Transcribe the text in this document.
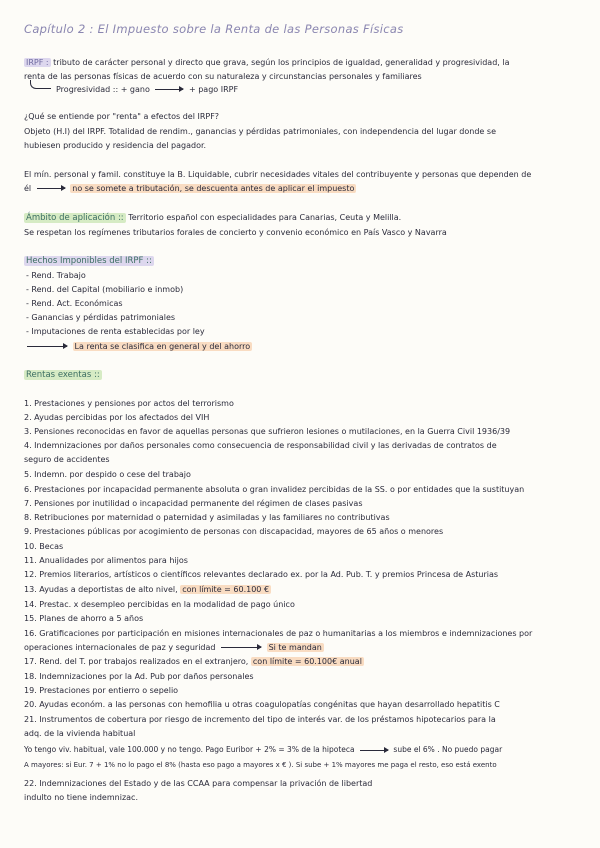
Capítulo 2 : El Impuesto sobre la Renta de las Personas Físicas
IRPF : tributo de carácter personal y directo que grava, según los principios de igualdad, generalidad y progresividad, la
renta de las personas físicas de acuerdo con su naturaleza y circunstancias personales y familiares
Progresividad :: + gano	+ pago IRPF
¿Qué se entiende por "renta" a efectos del IRPF?
Objeto (H.I) del IRPF. Totalidad de rendim., ganancias y pérdidas patrimoniales, con independencia del lugar donde se
hubiesen producido y residencia del pagador.
El mín. personal y famil. constituye la B. Liquidable, cubrir necesidades vitales del contribuyente y personas que dependen de
él	no se somete a tributación, se descuenta antes de aplicar el impuesto
Ámbito de aplicación :: Territorio español con especialidades para Canarias, Ceuta y Melilla.
Se respetan los regímenes tributarios forales de concierto y convenio económico en País Vasco y Navarra
Hechos Imponibles del IRPF ::
- Rend. Trabajo
- Rend. del Capital (mobiliario e inmob)
- Rend. Act. Económicas
- Ganancias y pérdidas patrimoniales
- Imputaciones de renta establecidas por ley
La renta se clasifica en general y del ahorro
Rentas exentas ::
1. Prestaciones y pensiones por actos del terrorismo
2. Ayudas percibidas por los afectados del VIH
3. Pensiones reconocidas en favor de aquellas personas que sufrieron lesiones o mutilaciones, en la Guerra Civil 1936/39
4. Indemnizaciones por daños personales como consecuencia de responsabilidad civil y las derivadas de contratos de
seguro de accidentes
5. Indemn. por despido o cese del trabajo
6. Prestaciones por incapacidad permanente absoluta o gran invalidez percibidas de la SS. o por entidades que la sustituyan
7. Pensiones por inutilidad o incapacidad permanente del régimen de clases pasivas
8. Retribuciones por maternidad o paternidad y asimiladas y las familiares no contributivas
9. Prestaciones públicas por acogimiento de personas con discapacidad, mayores de 65 años o menores
10. Becas
11. Anualidades por alimentos para hijos
12. Premios literarios, artísticos o científicos relevantes declarado ex. por la Ad. Pub. T. y premios Princesa de Asturias
13. Ayudas a deportistas de alto nivel, con límite = 60.100 €
14. Prestac. x desempleo percibidas en la modalidad de pago único
15. Planes de ahorro a 5 años
16. Gratificaciones por participación en misiones internacionales de paz o humanitarias a los miembros e indemnizaciones por
operaciones internacionales de paz y seguridad	Si te mandan
17. Rend. del T. por trabajos realizados en el extranjero, con límite = 60.100€ anual
18. Indemnizaciones por la Ad. Pub por daños personales
19. Prestaciones por entierro o sepelio
20. Ayudas económ. a las personas con hemofilia u otras coagulopatías congénitas que hayan desarrollado hepatitis C
21. Instrumentos de cobertura por riesgo de incremento del tipo de interés var. de los préstamos hipotecarios para la
adq. de la vivienda habitual
Yo tengo viv. habitual, vale 100.000 y no tengo. Pago Euribor + 2% = 3% de la hipoteca	sube el 6% . No puedo pagar
A mayores: si Eur. 7 + 1% no lo pago el 8% (hasta eso pago a mayores x € ). Si sube + 1% mayores me paga el resto, eso está exento
22. Indemnizaciones del Estado y de las CCAA para compensar la privación de libertad
indulto no tiene indemnizac.
